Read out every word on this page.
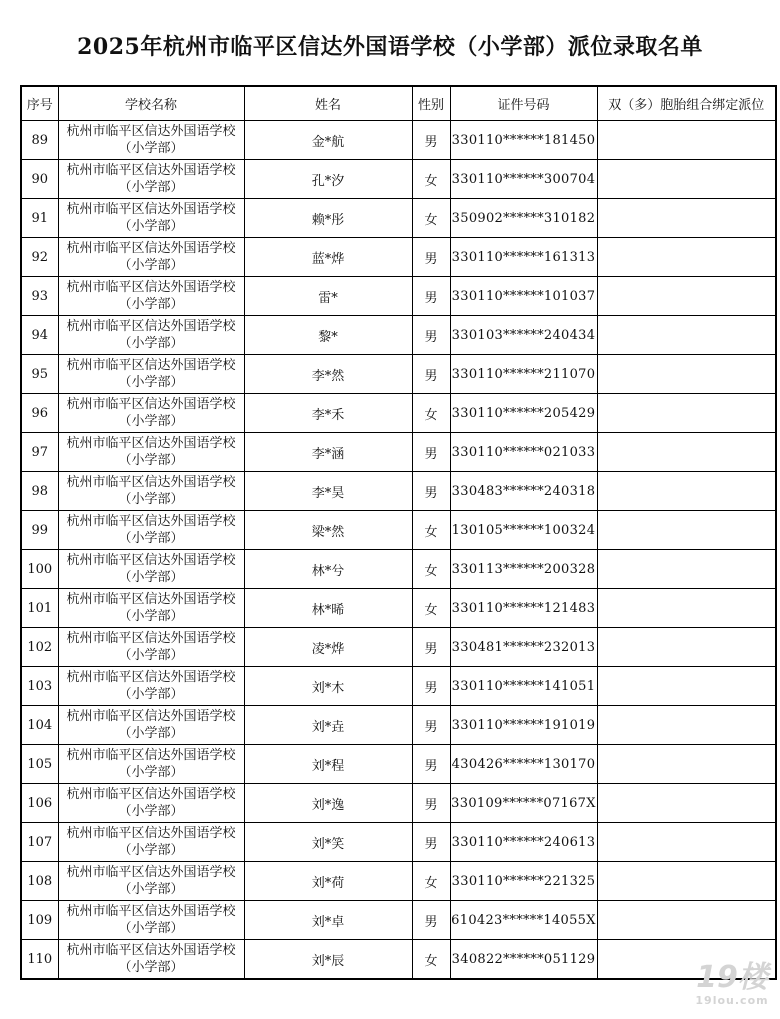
2025年杭州市临平区信达外国语学校（小学部）派位录取名单
序号	学校名称	姓名	性别	证件号码	双（多）胞胎组合绑定派位
89	杭州市临平区信达外国语学校（小学部）	金*航	男	330110******181450	
90	杭州市临平区信达外国语学校（小学部）	孔*汐	女	330110******300704	
91	杭州市临平区信达外国语学校（小学部）	赖*彤	女	350902******310182	
92	杭州市临平区信达外国语学校（小学部）	蓝*烨	男	330110******161313	
93	杭州市临平区信达外国语学校（小学部）	雷*	男	330110******101037	
94	杭州市临平区信达外国语学校（小学部）	黎*	男	330103******240434	
95	杭州市临平区信达外国语学校（小学部）	李*然	男	330110******211070	
96	杭州市临平区信达外国语学校（小学部）	李*禾	女	330110******205429	
97	杭州市临平区信达外国语学校（小学部）	李*涵	男	330110******021033	
98	杭州市临平区信达外国语学校（小学部）	李*昊	男	330483******240318	
99	杭州市临平区信达外国语学校（小学部）	梁*然	女	130105******100324	
100	杭州市临平区信达外国语学校（小学部）	林*兮	女	330113******200328	
101	杭州市临平区信达外国语学校（小学部）	林*晞	女	330110******121483	
102	杭州市临平区信达外国语学校（小学部）	凌*烨	男	330481******232013	
103	杭州市临平区信达外国语学校（小学部）	刘*木	男	330110******141051	
104	杭州市临平区信达外国语学校（小学部）	刘*垚	男	330110******191019	
105	杭州市临平区信达外国语学校（小学部）	刘*程	男	430426******130170	
106	杭州市临平区信达外国语学校（小学部）	刘*逸	男	330109******07167X	
107	杭州市临平区信达外国语学校（小学部）	刘*笑	男	330110******240613	
108	杭州市临平区信达外国语学校（小学部）	刘*荷	女	330110******221325	
109	杭州市临平区信达外国语学校（小学部）	刘*卓	男	610423******14055X	
110	杭州市临平区信达外国语学校（小学部）	刘*辰	女	340822******051129	
19楼
19lou.com
